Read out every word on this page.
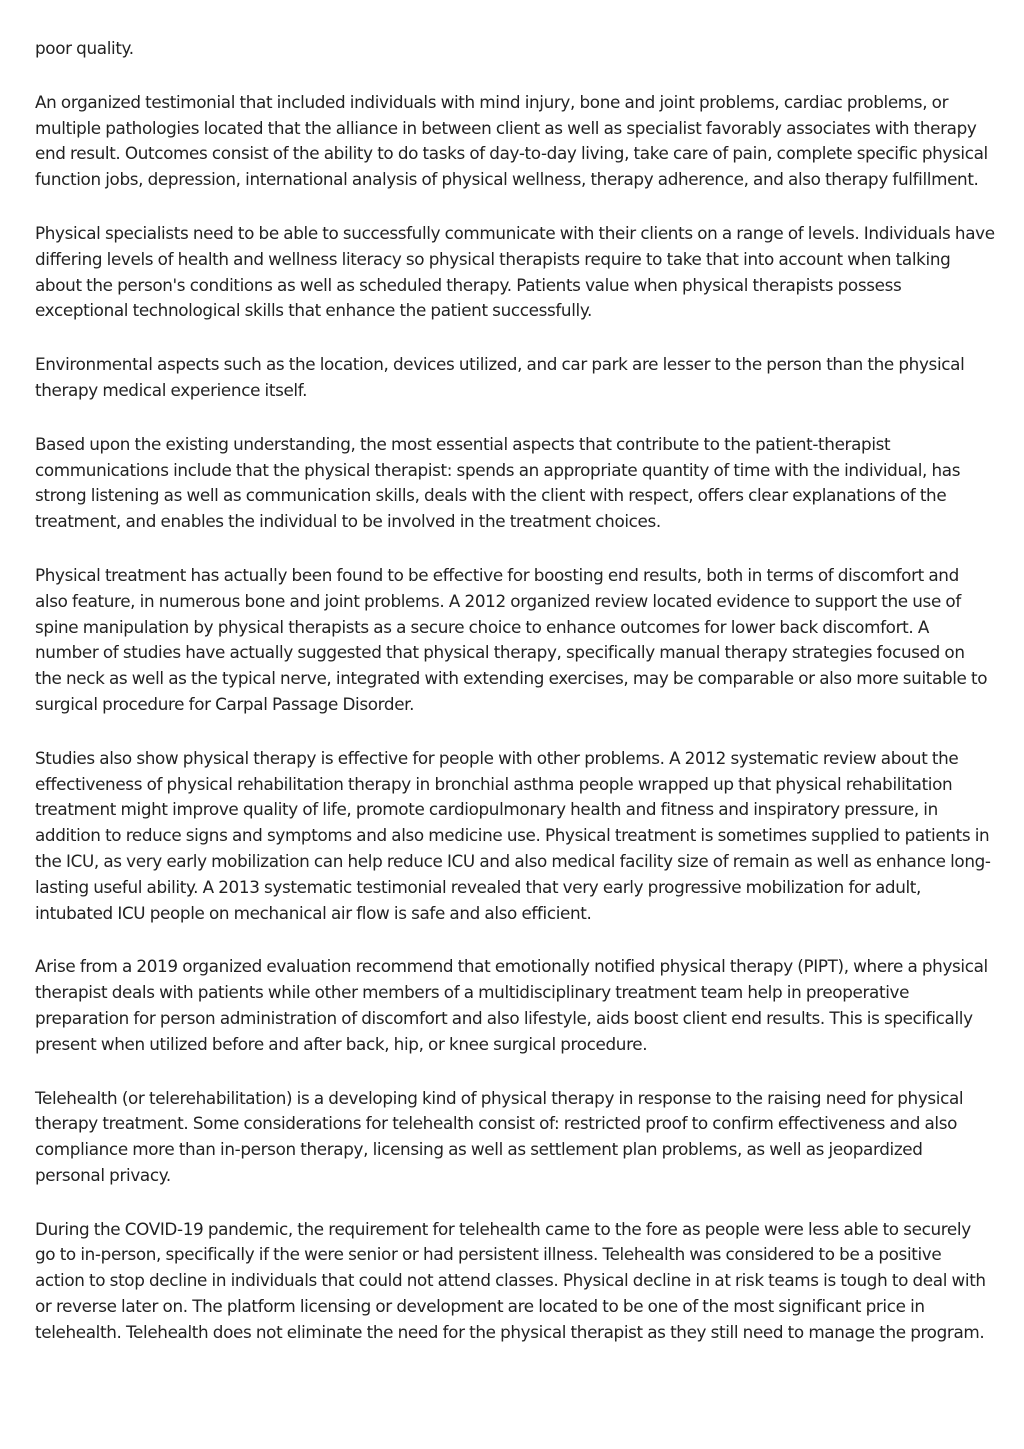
poor quality.

An organized testimonial that included individuals with mind injury, bone and joint problems, cardiac problems, or multiple pathologies located that the alliance in between client as well as specialist favorably associates with therapy end result. Outcomes consist of the ability to do tasks of day-to-day living, take care of pain, complete specific physical function jobs, depression, international analysis of physical wellness, therapy adherence, and also therapy fulfillment.

Physical specialists need to be able to successfully communicate with their clients on a range of levels. Individuals have differing levels of health and wellness literacy so physical therapists require to take that into account when talking about the person's conditions as well as scheduled therapy. Patients value when physical therapists possess exceptional technological skills that enhance the patient successfully.

Environmental aspects such as the location, devices utilized, and car park are lesser to the person than the physical therapy medical experience itself.

Based upon the existing understanding, the most essential aspects that contribute to the patient-therapist communications include that the physical therapist: spends an appropriate quantity of time with the individual, has strong listening as well as communication skills, deals with the client with respect, offers clear explanations of the treatment, and enables the individual to be involved in the treatment choices.

Physical treatment has actually been found to be effective for boosting end results, both in terms of discomfort and also feature, in numerous bone and joint problems. A 2012 organized review located evidence to support the use of spine manipulation by physical therapists as a secure choice to enhance outcomes for lower back discomfort. A number of studies have actually suggested that physical therapy, specifically manual therapy strategies focused on the neck as well as the typical nerve, integrated with extending exercises, may be comparable or also more suitable to surgical procedure for Carpal Passage Disorder.

Studies also show physical therapy is effective for people with other problems. A 2012 systematic review about the effectiveness of physical rehabilitation therapy in bronchial asthma people wrapped up that physical rehabilitation treatment might improve quality of life, promote cardiopulmonary health and fitness and inspiratory pressure, in addition to reduce signs and symptoms and also medicine use. Physical treatment is sometimes supplied to patients in the ICU, as very early mobilization can help reduce ICU and also medical facility size of remain as well as enhance long-lasting useful ability. A 2013 systematic testimonial revealed that very early progressive mobilization for adult, intubated ICU people on mechanical air flow is safe and also efficient.

Arise from a 2019 organized evaluation recommend that emotionally notified physical therapy (PIPT), where a physical therapist deals with patients while other members of a multidisciplinary treatment team help in preoperative preparation for person administration of discomfort and also lifestyle, aids boost client end results. This is specifically present when utilized before and after back, hip, or knee surgical procedure.

Telehealth (or telerehabilitation) is a developing kind of physical therapy in response to the raising need for physical therapy treatment. Some considerations for telehealth consist of: restricted proof to confirm effectiveness and also compliance more than in-person therapy, licensing as well as settlement plan problems, as well as jeopardized personal privacy.

During the COVID-19 pandemic, the requirement for telehealth came to the fore as people were less able to securely go to in-person, specifically if the were senior or had persistent illness. Telehealth was considered to be a positive action to stop decline in individuals that could not attend classes. Physical decline in at risk teams is tough to deal with or reverse later on. The platform licensing or development are located to be one of the most significant price in telehealth. Telehealth does not eliminate the need for the physical therapist as they still need to manage the program.
